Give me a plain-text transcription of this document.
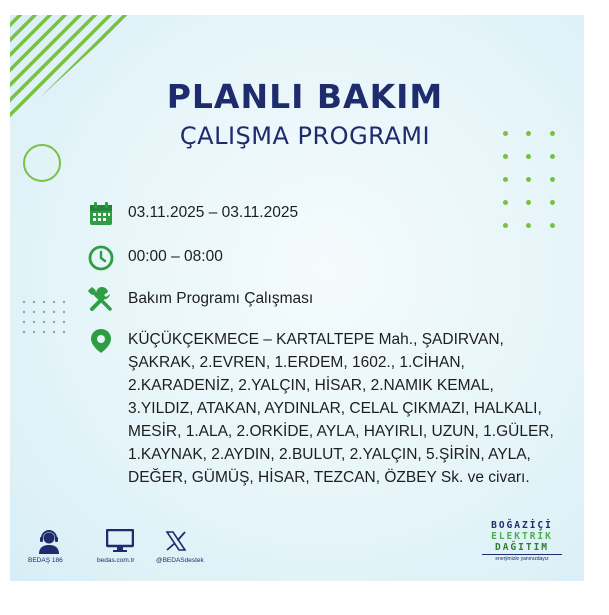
PLANLI BAKIM
ÇALIŞMA PROGRAMI
03.11.2025 – 03.11.2025
00:00 – 08:00
Bakım Programı Çalışması
KÜÇÜKÇEKMECE – KARTALTEPE Mah., ŞADIRVAN, ŞAKRAK, 2.EVREN, 1.ERDEM, 1602., 1.CİHAN, 2.KARADENİZ, 2.YALÇIN, HİSAR, 2.NAMIK KEMAL, 3.YILDIZ, ATAKAN, AYDINLAR, CELAL ÇIKMAZI, HALKALI, MESİR, 1.ALA, 2.ORKİDE, AYLA, HAYIRLI, UZUN, 1.GÜLER, 1.KAYNAK, 2.AYDIN, 2.BULUT, 2.YALÇIN, 5.ŞİRİN, AYLA, DEĞER, GÜMÜŞ, HİSAR, TEZCAN, ÖZBEY Sk. ve civarı.
BEDAŞ 186	bedas.com.tr	@BEDASdestek
BOĞAZİÇİ
ELEKTRİK
DAĞITIM
enerjimizle yanınızdayız
